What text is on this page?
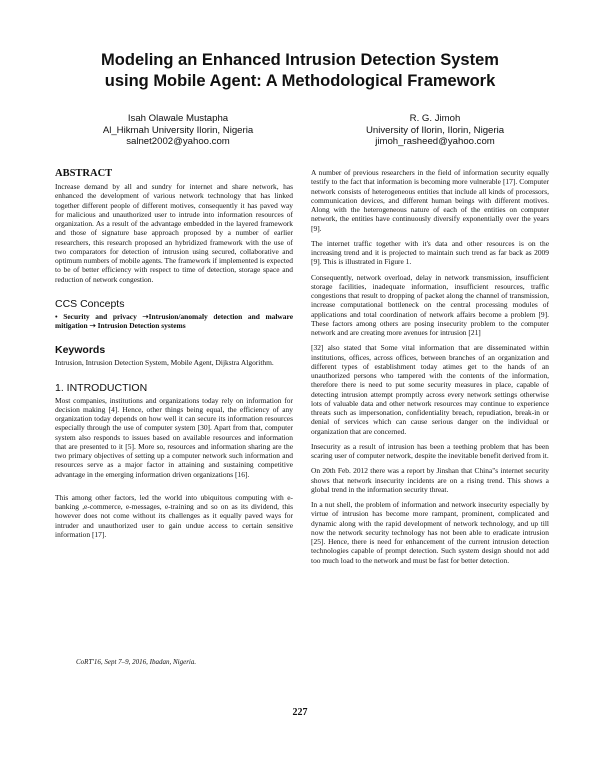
Modeling an Enhanced Intrusion Detection System
using Mobile Agent: A Methodological Framework
Isah Olawale Mustapha
Al_Hikmah University Ilorin, Nigeria
salnet2002@yahoo.com
R. G. Jimoh
University of Ilorin, Ilorin, Nigeria
jimoh_rasheed@yahoo.com
ABSTRACT

Increase demand by all and sundry for internet and share network, has enhanced the development of various network technology that has linked together different people of different motives, consequently it has paved way for malicious and unauthorized user to intrude into information resources of organization. As a result of the advantage embedded in the layered framework and those of signature base approach proposed by a number of earlier researchers, this research proposed an hybridized framework with the use of two comparators for detection of intrusion using secured, collaborative and optimum numbers of mobile agents. The framework if implemented is expected to be of better efficiency with respect to time of detection, storage space and reduction of network congestion.

CCS Concepts

• Security and privacy ➝Intrusion/anomaly detection and malware mitigation ➝ Intrusion Detection systems

Keywords

Intrusion, Intrusion Detection System, Mobile Agent, Dijkstra Algorithm.

1. INTRODUCTION

Most companies, institutions and organizations today rely on information for decision making [4]. Hence, other things being equal, the efficiency of any organization today depends on how well it can secure its information resources especially through the use of computer system [30]. Apart from that, computer system also responds to issues based on available resources and information that are presented to it [5]. More so, resources and information sharing are the two primary objectives of setting up a computer network such information and resources serve as a major factor in attaining and sustaining competitive advantage in the emerging information driven organizations [16].

This among other factors, led the world into ubiquitous computing with e-banking ,e-commerce, e-messages, e-training and so on as its dividend, this however does not come without its challenges as it equally paved ways for intruder and unauthorized user to gain undue access to certain sensitive information [17].

A number of previous researchers in the field of information security equally testify to the fact that information is becoming more vulnerable [17]. Computer network consists of heterogeneous entities that include all kinds of processors, communication devices, and different human beings with different motives. Along with the heterogeneous nature of each of the entities on computer network, the entities have continuously diversify exponentially over the years [9].

The internet traffic together with it's data and other resources is on the increasing trend and it is projected to maintain such trend as far back as 2009 [9]. This is illustrated in Figure 1.

Consequently, network overload, delay in network transmission, insufficient storage facilities, inadequate information, insufficient resources, traffic congestions that result to dropping of packet along the channel of transmission, increase computational bottleneck on the central processing modules of applications and total coordination of network affairs become a problem [9]. These factors among others are posing insecurity problem to the computer network and are creating more avenues for intrusion [21]

[32] also stated that Some vital information that are disseminated within institutions, offices, across offices, between branches of an organization and different types of establishment today atimes get to the hands of an unauthorized persons who tampered with the contents of the information, therefore there is need to put some security measures in place, capable of detecting intrusion attempt promptly across every network settings otherwise lots of valuable data and other network resources may continue to experience threats such as impersonation, confidentiality breach, repudiation, break-in or denial of services which can cause serious danger on the individual or organization that are concerned.

Insecurity as a result of intrusion has been a teething problem that has been scaring user of computer network, despite the inevitable benefit derived from it.

On 20th Feb. 2012 there was a report by Jinshan that China"s internet security shows that network insecurity incidents are on a rising trend. This shows a global trend in the information security threat.

In a nut shell, the problem of information and network insecurity especially by virtue of intrusion has become more rampant, prominent, complicated and dynamic along with the rapid development of network technology, and up till now the network security technology has not been able to eradicate intrusion [25]. Hence, there is need for enhancement of the current intrusion detection technologies capable of prompt detection. Such system design should not add too much load to the network and must be fast for better detection.

CoRT'16, Sept 7–9, 2016, Ibadan, Nigeria.
227
